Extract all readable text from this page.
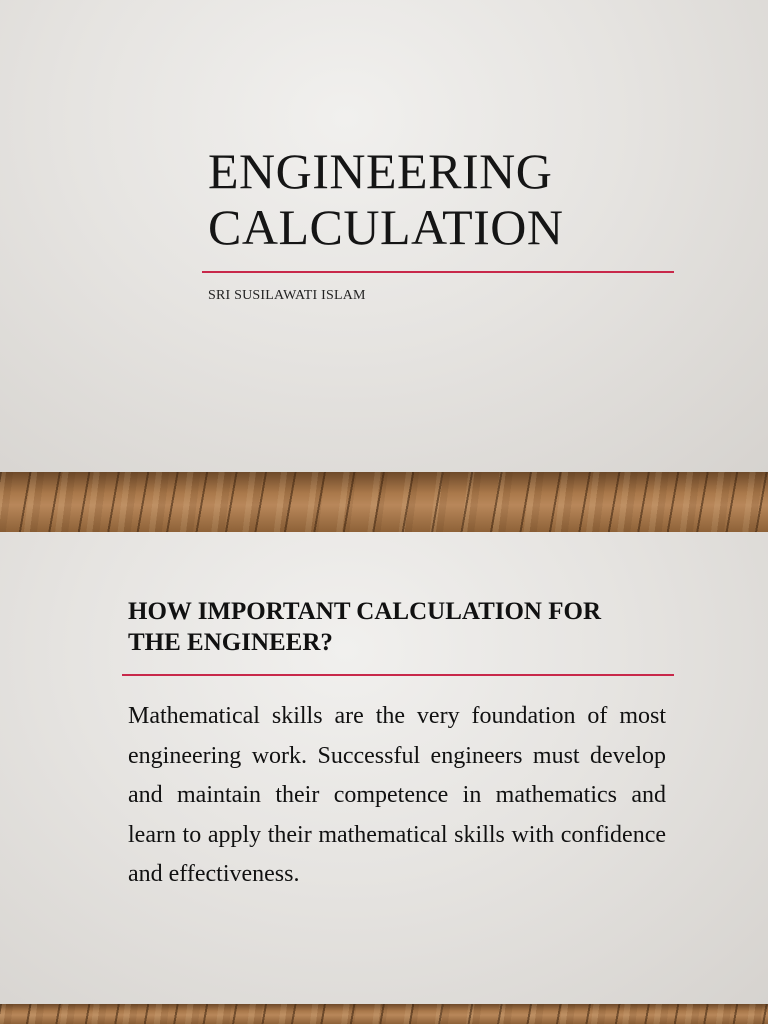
ENGINEERING CALCULATION
SRI SUSILAWATI ISLAM
HOW IMPORTANT CALCULATION FOR THE ENGINEER?

Mathematical skills are the very foundation of most engineering work. Successful engineers must develop and maintain their competence in mathematics and learn to apply their mathematical skills with confidence and effectiveness.
